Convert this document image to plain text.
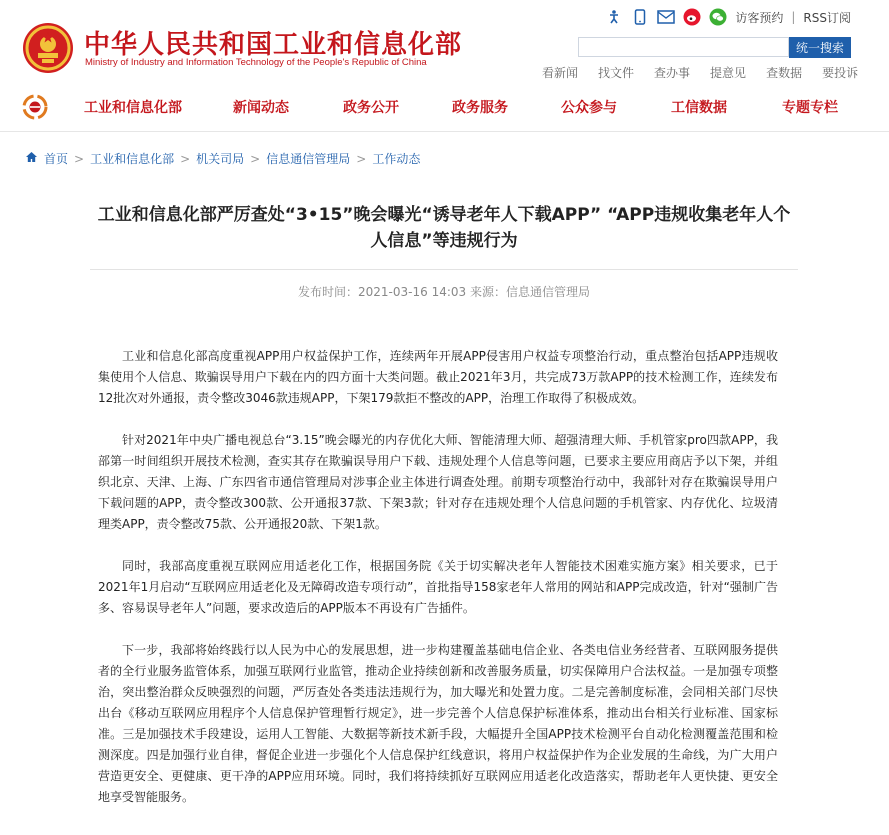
中华人民共和国工业和信息化部
Ministry of Industry and Information Technology of the People's Republic of China
访客预约 | RSS订阅
统一搜索
看新闻 找文件 查办事 提意见 查数据 要投诉
工业和信息化部	新闻动态	政务公开	政务服务	公众参与	工信数据	专题专栏
首页 > 工业和信息化部 > 机关司局 > 信息通信管理局 > 工作动态
工业和信息化部严厉查处“3•15”晚会曝光“诱导老年人下载APP” “APP违规收集老年人个人信息”等违规行为
发布时间：2021-03-16 14:03 来源：信息通信管理局

工业和信息化部高度重视APP用户权益保护工作，连续两年开展APP侵害用户权益专项整治行动，重点整治包括APP违规收集使用个人信息、欺骗误导用户下载在内的四方面十大类问题。截止2021年3月，共完成73万款APP的技术检测工作，连续发布12批次对外通报，责令整改3046款违规APP，下架179款拒不整改的APP，治理工作取得了积极成效。

针对2021年中央广播电视总台“3.15”晚会曝光的内存优化大师、智能清理大师、超强清理大师、手机管家pro四款APP，我部第一时间组织开展技术检测，查实其存在欺骗误导用户下载、违规处理个人信息等问题，已要求主要应用商店予以下架，并组织北京、天津、上海、广东四省市通信管理局对涉事企业主体进行调查处理。前期专项整治行动中，我部针对存在欺骗误导用户下载问题的APP，责令整改300款、公开通报37款、下架3款；针对存在违规处理个人信息问题的手机管家、内存优化、垃圾清理类APP，责令整改75款、公开通报20款、下架1款。

同时，我部高度重视互联网应用适老化工作，根据国务院《关于切实解决老年人智能技术困难实施方案》相关要求，已于2021年1月启动“互联网应用适老化及无障碍改造专项行动”，首批指导158家老年人常用的网站和APP完成改造，针对“强制广告多、容易误导老年人”问题，要求改造后的APP版本不再设有广告插件。

下一步，我部将始终践行以人民为中心的发展思想，进一步构建覆盖基础电信企业、各类电信业务经营者、互联网服务提供者的全行业服务监管体系，加强互联网行业监管，推动企业持续创新和改善服务质量，切实保障用户合法权益。一是加强专项整治，突出整治群众反映强烈的问题，严厉查处各类违法违规行为，加大曝光和处置力度。二是完善制度标准，会同相关部门尽快出台《移动互联网应用程序个人信息保护管理暂行规定》，进一步完善个人信息保护标准体系，推动出台相关行业标准、国家标准。三是加强技术手段建设，运用人工智能、大数据等新技术新手段，大幅提升全国APP技术检测平台自动化检测覆盖范围和检测深度。四是加强行业自律，督促企业进一步强化个人信息保护红线意识，将用户权益保护作为企业发展的生命线，为广大用户营造更安全、更健康、更干净的APP应用环境。同时，我们将持续抓好互联网应用适老化改造落实，帮助老年人更快捷、更安全地享受智能服务。
